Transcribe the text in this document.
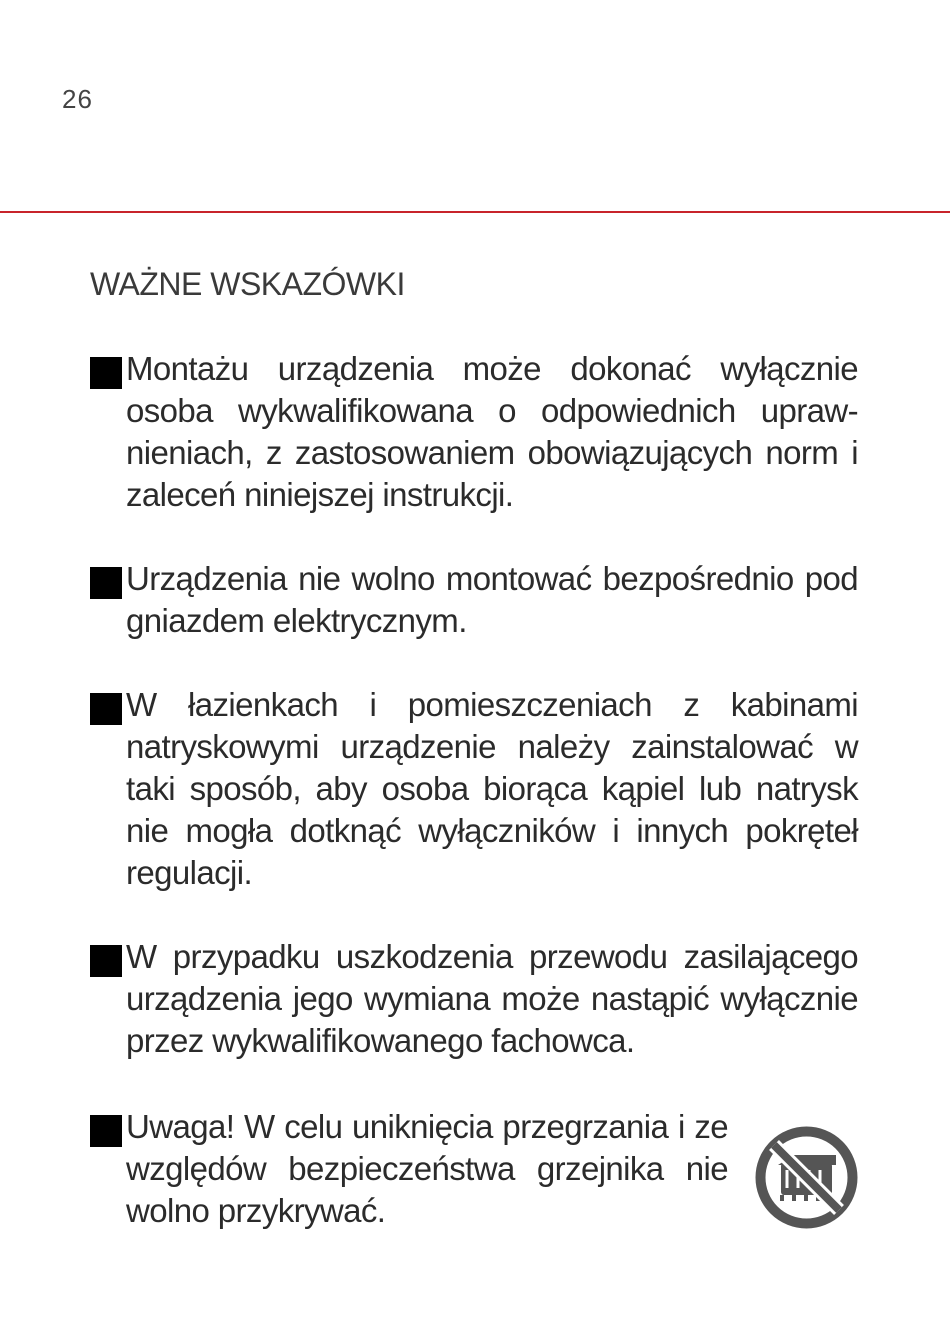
26
WAŻNE WSKAZÓWKI
Montażu urządzenia może dokonać wyłącznie osoba wykwalifikowana o odpowiednich upraw-nieniach, z zastosowaniem obowiązujących norm i zaleceń niniejszej instrukcji.
Urządzenia nie wolno montować bezpośrednio pod gniazdem elektrycznym.
W łazienkach i pomieszczeniach z kabinami natryskowymi urządzenie należy zainstalować w taki sposób, aby osoba biorąca kąpiel lub natrysk nie mogła dotknąć wyłączników i innych pokręteł regulacji.
W przypadku uszkodzenia przewodu zasilającego urządzenia jego wymiana może nastąpić wyłącznie przez wykwalifikowanego fachowca.
Uwaga! W celu uniknięcia przegrzania i ze względów bezpieczeństwa grzejnika nie wolno przykrywać.
